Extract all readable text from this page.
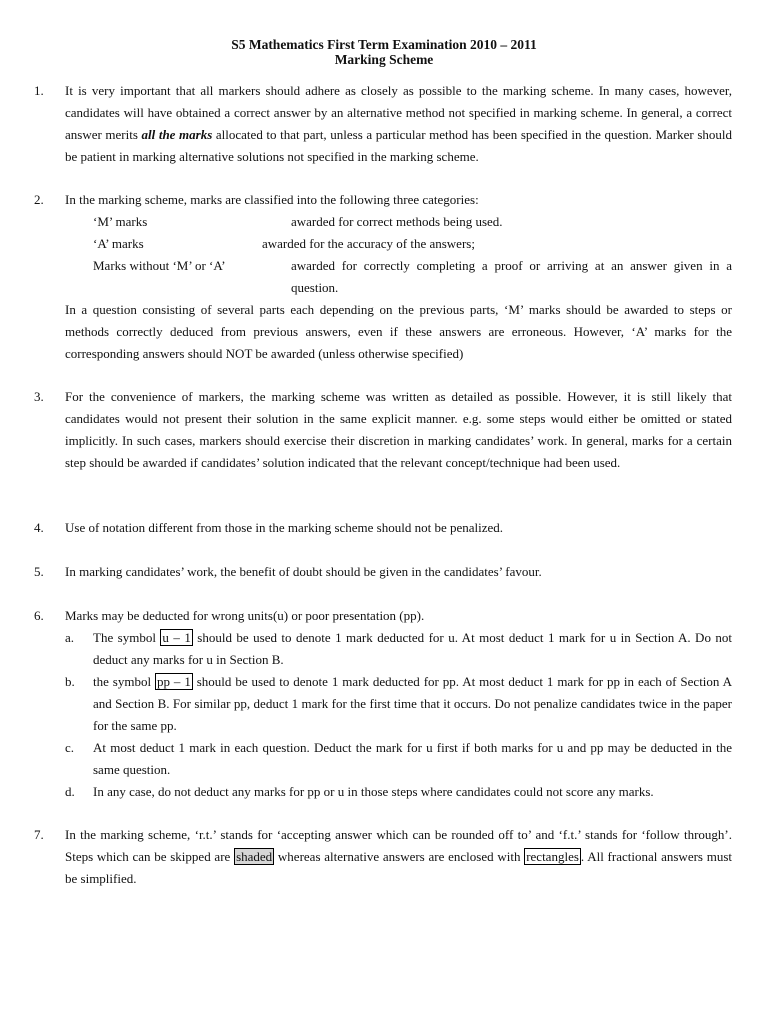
S5 Mathematics First Term Examination 2010 – 2011
Marking Scheme
1.	It is very important that all markers should adhere as closely as possible to the marking scheme. In many cases, however, candidates will have obtained a correct answer by an alternative method not specified in marking scheme. In general, a correct answer merits all the marks allocated to that part, unless a particular method has been specified in the question. Marker should be patient in marking alternative solutions not specified in the marking scheme.
2.	In the marking scheme, marks are classified into the following three categories:
‘M’ marks	awarded for correct methods being used.
‘A’ marks	awarded for the accuracy of the answers;
Marks without ‘M’ or ‘A’	awarded for correctly completing a proof or arriving at an answer given in a question.
In a question consisting of several parts each depending on the previous parts, ‘M’ marks should be awarded to steps or methods correctly deduced from previous answers, even if these answers are erroneous. However, ‘A’ marks for the corresponding answers should NOT be awarded (unless otherwise specified)
3.	For the convenience of markers, the marking scheme was written as detailed as possible. However, it is still likely that candidates would not present their solution in the same explicit manner. e.g. some steps would either be omitted or stated implicitly. In such cases, markers should exercise their discretion in marking candidates’ work. In general, marks for a certain step should be awarded if candidates’ solution indicated that the relevant concept/technique had been used.
4.	Use of notation different from those in the marking scheme should not be penalized.
5.	In marking candidates’ work, the benefit of doubt should be given in the candidates’ favour.
6.	Marks may be deducted for wrong units(u) or poor presentation (pp).
a. The symbol u – 1 should be used to denote 1 mark deducted for u. At most deduct 1 mark for u in Section A. Do not deduct any marks for u in Section B.
b. the symbol pp – 1 should be used to denote 1 mark deducted for pp. At most deduct 1 mark for pp in each of Section A and Section B. For similar pp, deduct 1 mark for the first time that it occurs. Do not penalize candidates twice in the paper for the same pp.
c. At most deduct 1 mark in each question. Deduct the mark for u first if both marks for u and pp may be deducted in the same question.
d. In any case, do not deduct any marks for pp or u in those steps where candidates could not score any marks.
7.	In the marking scheme, ‘r.t.’ stands for ‘accepting answer which can be rounded off to’ and ‘f.t.’ stands for ‘follow through’. Steps which can be skipped are shaded whereas alternative answers are enclosed with rectangles . All fractional answers must be simplified.
